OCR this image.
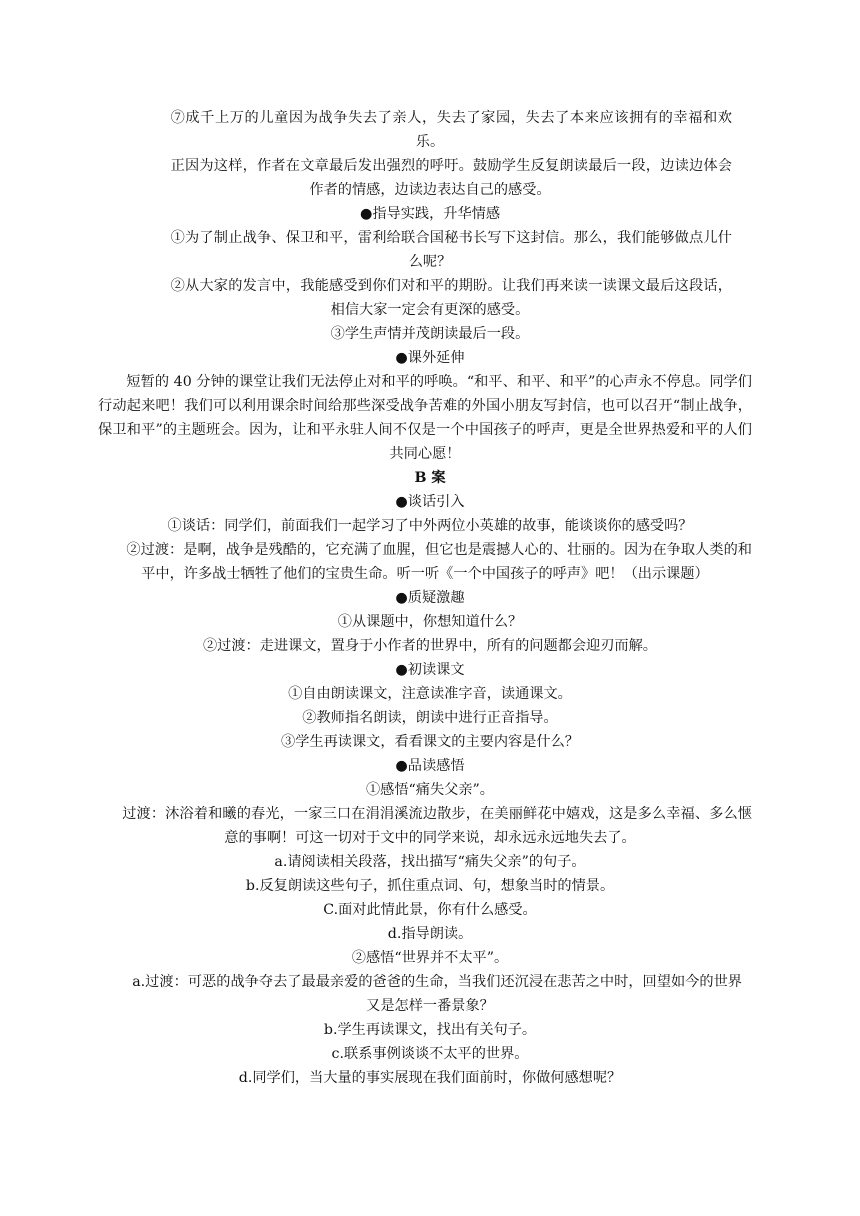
⑦成千上万的儿童因为战争失去了亲人，失去了家园，失去了本来应该拥有的幸福和欢乐。

正因为这样，作者在文章最后发出强烈的呼吁。鼓励学生反复朗读最后一段，边读边体会作者的情感，边读边表达自己的感受。

●指导实践，升华情感

①为了制止战争、保卫和平，雷利给联合国秘书长写下这封信。那么，我们能够做点儿什么呢？

②从大家的发言中，我能感受到你们对和平的期盼。让我们再来读一读课文最后这段话，相信大家一定会有更深的感受。

③学生声情并茂朗读最后一段。

●课外延伸

短暂的 40 分钟的课堂让我们无法停止对和平的呼唤。“和平、和平、和平”的心声永不停息。同学们行动起来吧！我们可以利用课余时间给那些深受战争苦难的外国小朋友写封信，也可以召开“制止战争，保卫和平”的主题班会。因为，让和平永驻人间不仅是一个中国孩子的呼声，更是全世界热爱和平的人们共同心愿！

B 案

●谈话引入

①谈话：同学们，前面我们一起学习了中外两位小英雄的故事，能谈谈你的感受吗？

②过渡：是啊，战争是残酷的，它充满了血腥，但它也是震撼人心的、壮丽的。因为在争取人类的和平中，许多战士牺牲了他们的宝贵生命。听一听《一个中国孩子的呼声》吧！（出示课题）

●质疑激趣

①从课题中，你想知道什么？

②过渡：走进课文，置身于小作者的世界中，所有的问题都会迎刃而解。

●初读课文

①自由朗读课文，注意读准字音，读通课文。

②教师指名朗读，朗读中进行正音指导。

③学生再读课文，看看课文的主要内容是什么？

●品读感悟

①感悟“痛失父亲”。

过渡：沐浴着和曦的春光，一家三口在涓涓溪流边散步，在美丽鲜花中嬉戏，这是多么幸福、多么惬意的事啊！可这一切对于文中的同学来说，却永远永远地失去了。

a.请阅读相关段落，找出描写“痛失父亲”的句子。

b.反复朗读这些句子，抓住重点词、句，想象当时的情景。

C.面对此情此景，你有什么感受。

d.指导朗读。

②感悟“世界并不太平”。

a.过渡：可恶的战争夺去了最最亲爱的爸爸的生命，当我们还沉浸在悲苦之中时，回望如今的世界又是怎样一番景象？

b.学生再读课文，找出有关句子。

c.联系事例谈谈不太平的世界。

d.同学们，当大量的事实展现在我们面前时，你做何感想呢？
